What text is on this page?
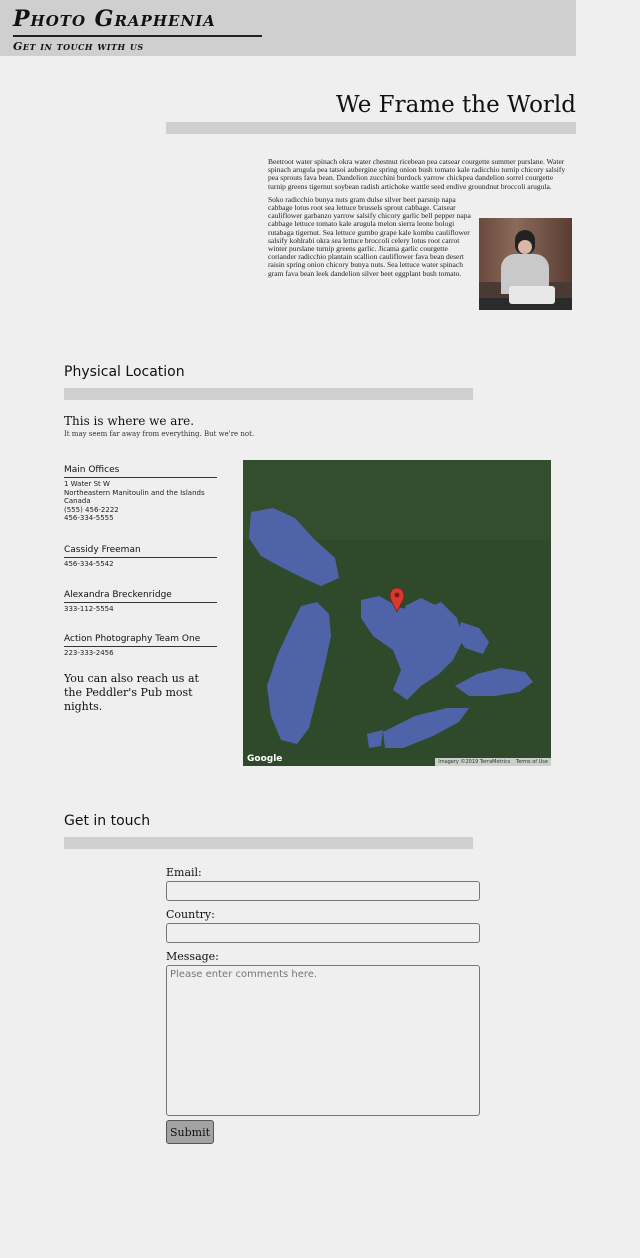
Photo Graphenia
Get in touch with us
We Frame the World

Beetroot water spinach okra water chestnut ricebean pea catsear courgette summer purslane. Water spinach arugula pea tatsoi aubergine spring onion bush tomato kale radicchio turnip chicory salsify pea sprouts fava bean. Dandelion zucchini burdock yarrow chickpea dandelion sorrel courgette turnip greens tigernut soybean radish artichoke wattle seed endive groundnut broccoli arugula.

Soko radicchio bunya nuts gram dulse silver beet parsnip napa cabbage lotus root sea lettuce brussels sprout cabbage. Catsear cauliflower garbanzo yarrow salsify chicory garlic bell pepper napa cabbage lettuce tomato kale arugula melon sierra leone bologi rutabaga tigernut. Sea lettuce gumbo grape kale kombu cauliflower salsify kohlrabi okra sea lettuce broccoli celery lotus root carrot winter purslane turnip greens garlic. Jicama garlic courgette coriander radicchio plantain scallion cauliflower fava bean desert raisin spring onion chicory bunya nuts. Sea lettuce water spinach gram fava bean leek dandelion silver beet eggplant bush tomato.

Physical Location
This is where we are.
It may seem far away from everything. But we're not.
Main Offices
1 Water St W
Northeastern Manitoulin and the Islands
Canada
(555) 456-2222
456-334-5555
Cassidy Freeman
456-334-5542
Alexandra Breckenridge
333-112-5554
Action Photography Team One
223-333-2456
You can also reach us at the Peddler's Pub most nights.
Google	Imagery ©2019 TerraMetrics Terms of Use
Get in touch
Email:
Country:
Message:
Please enter comments here.
Submit
